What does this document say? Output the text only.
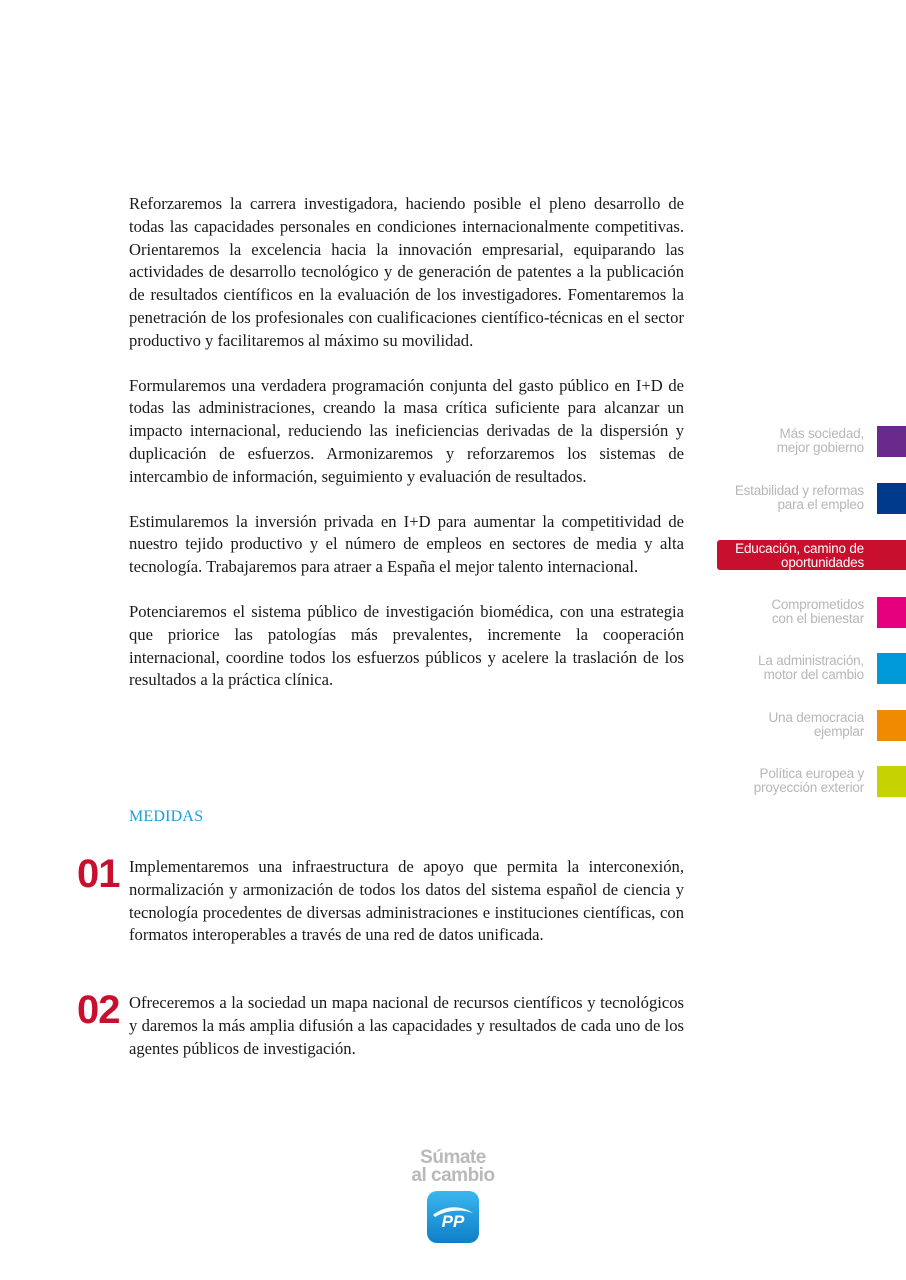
Reforzaremos la carrera investigadora, haciendo posible el pleno desarrollo de todas las capacidades personales en condiciones internacionalmente competitivas. Orientaremos la excelencia hacia la innovación empresarial, equiparando las actividades de desarrollo tecnológico y de generación de patentes a la publicación de resultados científicos en la evaluación de los investigadores. Fomentaremos la penetración de los profesionales con cualificaciones científico-técnicas en el sector productivo y facilitaremos al máximo su movilidad.

Formularemos una verdadera programación conjunta del gasto público en I+D de todas las administraciones, creando la masa crítica suficiente para alcanzar un impacto internacional, reduciendo las ineficiencias derivadas de la dispersión y duplicación de esfuerzos. Armonizaremos y reforzaremos los sistemas de intercambio de información, seguimiento y evaluación de resultados.

Estimularemos la inversión privada en I+D para aumentar la competitividad de nuestro tejido productivo y el número de empleos en sectores de media y alta tecnología. Trabajaremos para atraer a España el mejor talento internacional.

Potenciaremos el sistema público de investigación biomédica, con una estrategia que priorice las patologías más prevalentes, incremente la cooperación internacional, coordine todos los esfuerzos públicos y acelere la traslación de los resultados a la práctica clínica.

MEDIDAS
01 Implementaremos una infraestructura de apoyo que permita la interconexión, normalización y armonización de todos los datos del sistema español de ciencia y tecnología procedentes de diversas administraciones e instituciones científicas, con formatos interoperables a través de una red de datos unificada.

02 Ofreceremos a la sociedad un mapa nacional de recursos científicos y tecnológicos y daremos la más amplia difusión a las capacidades y resultados de cada uno de los agentes públicos de investigación.

Más sociedad,
mejor gobierno
Estabilidad y reformas
para el empleo
Educación, camino de
oportunidades
Comprometidos
con el bienestar
La administración,
motor del cambio
Una democracia
ejemplar
Política europea y
proyección exterior
Súmate
al cambio
PP
